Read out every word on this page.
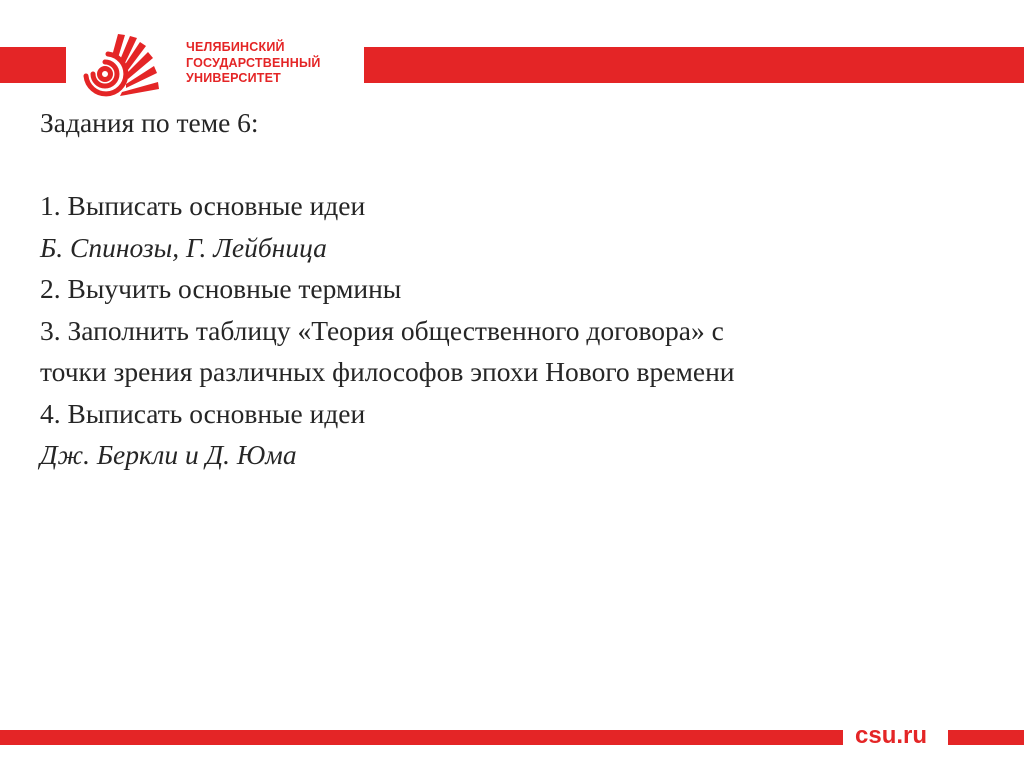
ЧЕЛЯБИНСКИЙ
ГОСУДАРСТВЕННЫЙ
УНИВЕРСИТЕТ
Задания по теме 6:
1. Выписать основные идеи
Б. Спинозы, Г. Лейбница
2. Выучить основные термины
3. Заполнить таблицу «Теория общественного договора» с
точки зрения различных философов эпохи Нового времени
4. Выписать основные идеи
Дж. Беркли и Д. Юма
csu.ru
